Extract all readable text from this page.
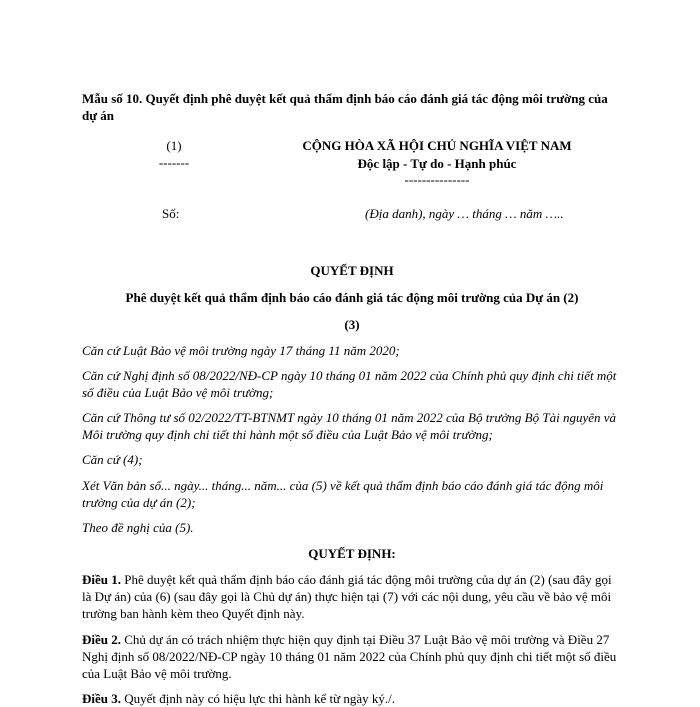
Mẫu số 10. Quyết định phê duyệt kết quả thẩm định báo cáo đánh giá tác động môi trường của dự án
(1)
-------
CỘNG HÒA XÃ HỘI CHỦ NGHĨA VIỆT NAM
Độc lập - Tự do - Hạnh phúc
---------------
Số:	(Địa danh), ngày … tháng … năm …..
QUYẾT ĐỊNH
Phê duyệt kết quả thẩm định báo cáo đánh giá tác động môi trường của Dự án (2)
(3)
Căn cứ Luật Bảo vệ môi trường ngày 17 tháng 11 năm 2020;
Căn cứ Nghị định số 08/2022/NĐ-CP ngày 10 tháng 01 năm 2022 của Chính phủ quy định chi tiết một số điều của Luật Bảo vệ môi trường;
Căn cứ Thông tư số 02/2022/TT-BTNMT ngày 10 tháng 01 năm 2022 của Bộ trưởng Bộ Tài nguyên và Môi trường quy định chi tiết thi hành một số điều của Luật Bảo vệ môi trường;
Căn cứ (4);
Xét Văn bản số... ngày... tháng... năm... của (5) về kết quả thẩm định báo cáo đánh giá tác động môi trường của dự án (2);
Theo đề nghị của (5).
QUYẾT ĐỊNH:
Điều 1. Phê duyệt kết quả thẩm định báo cáo đánh giá tác động môi trường của dự án (2) (sau đây gọi là Dự án) của (6) (sau đây gọi là Chủ dự án) thực hiện tại (7) với các nội dung, yêu cầu về bảo vệ môi trường ban hành kèm theo Quyết định này.
Điều 2. Chủ dự án có trách nhiệm thực hiện quy định tại Điều 37 Luật Bảo vệ môi trường và Điều 27 Nghị định số 08/2022/NĐ-CP ngày 10 tháng 01 năm 2022 của Chính phủ quy định chi tiết một số điều của Luật Bảo vệ môi trường.
Điều 3. Quyết định này có hiệu lực thi hành kể từ ngày ký./.
